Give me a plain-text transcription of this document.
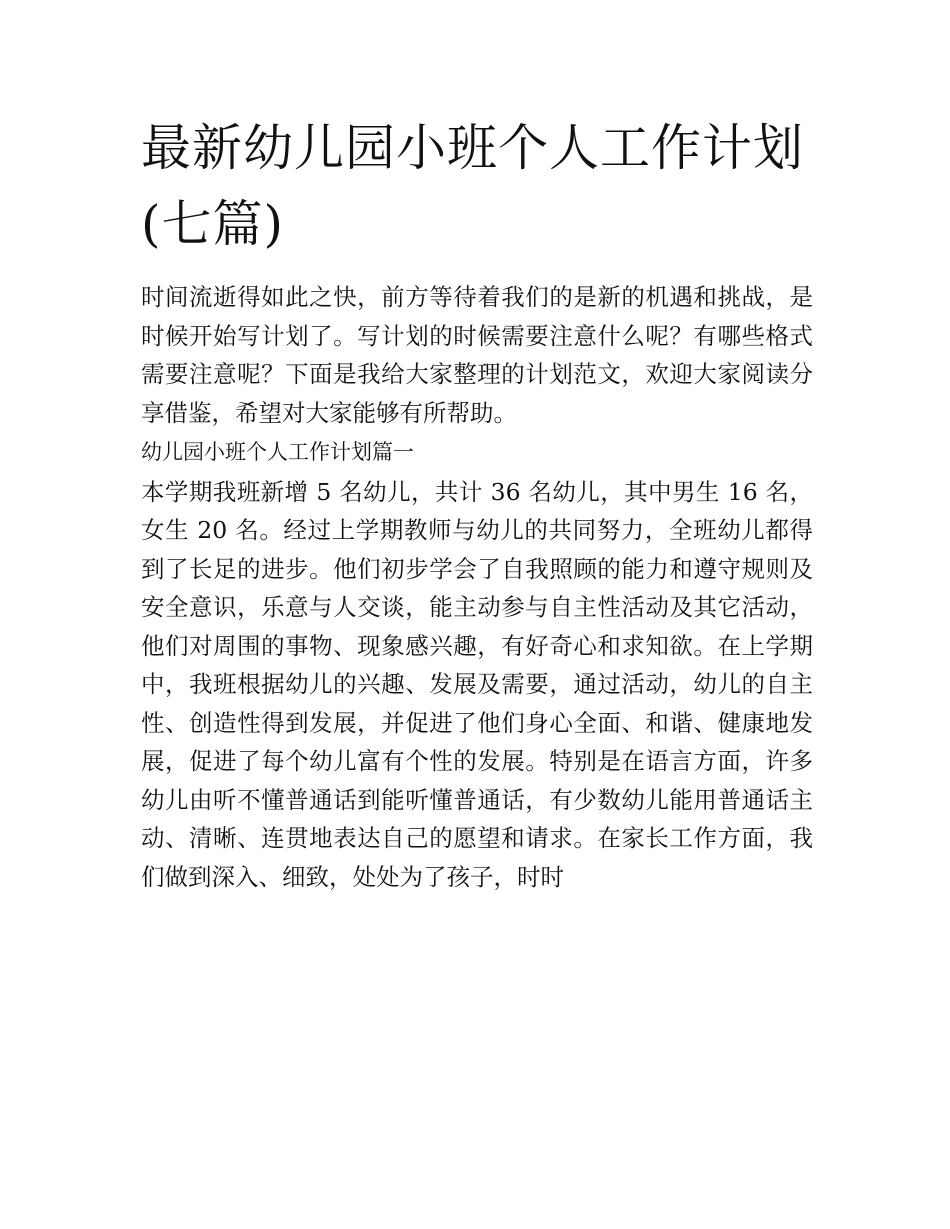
最新幼儿园小班个人工作计划(七篇)

时间流逝得如此之快，前方等待着我们的是新的机遇和挑战，是时候开始写计划了。写计划的时候需要注意什么呢？有哪些格式需要注意呢？下面是我给大家整理的计划范文，欢迎大家阅读分享借鉴，希望对大家能够有所帮助。

幼儿园小班个人工作计划篇一

本学期我班新增 5 名幼儿，共计 36 名幼儿，其中男生 16 名，女生 20 名。经过上学期教师与幼儿的共同努力，全班幼儿都得到了长足的进步。他们初步学会了自我照顾的能力和遵守规则及安全意识，乐意与人交谈，能主动参与自主性活动及其它活动，他们对周围的事物、现象感兴趣，有好奇心和求知欲。在上学期中，我班根据幼儿的兴趣、发展及需要，通过活动，幼儿的自主性、创造性得到发展，并促进了他们身心全面、和谐、健康地发展，促进了每个幼儿富有个性的发展。特别是在语言方面，许多幼儿由听不懂普通话到能听懂普通话，有少数幼儿能用普通话主动、清晰、连贯地表达自己的愿望和请求。在家长工作方面，我们做到深入、细致，处处为了孩子，时时
